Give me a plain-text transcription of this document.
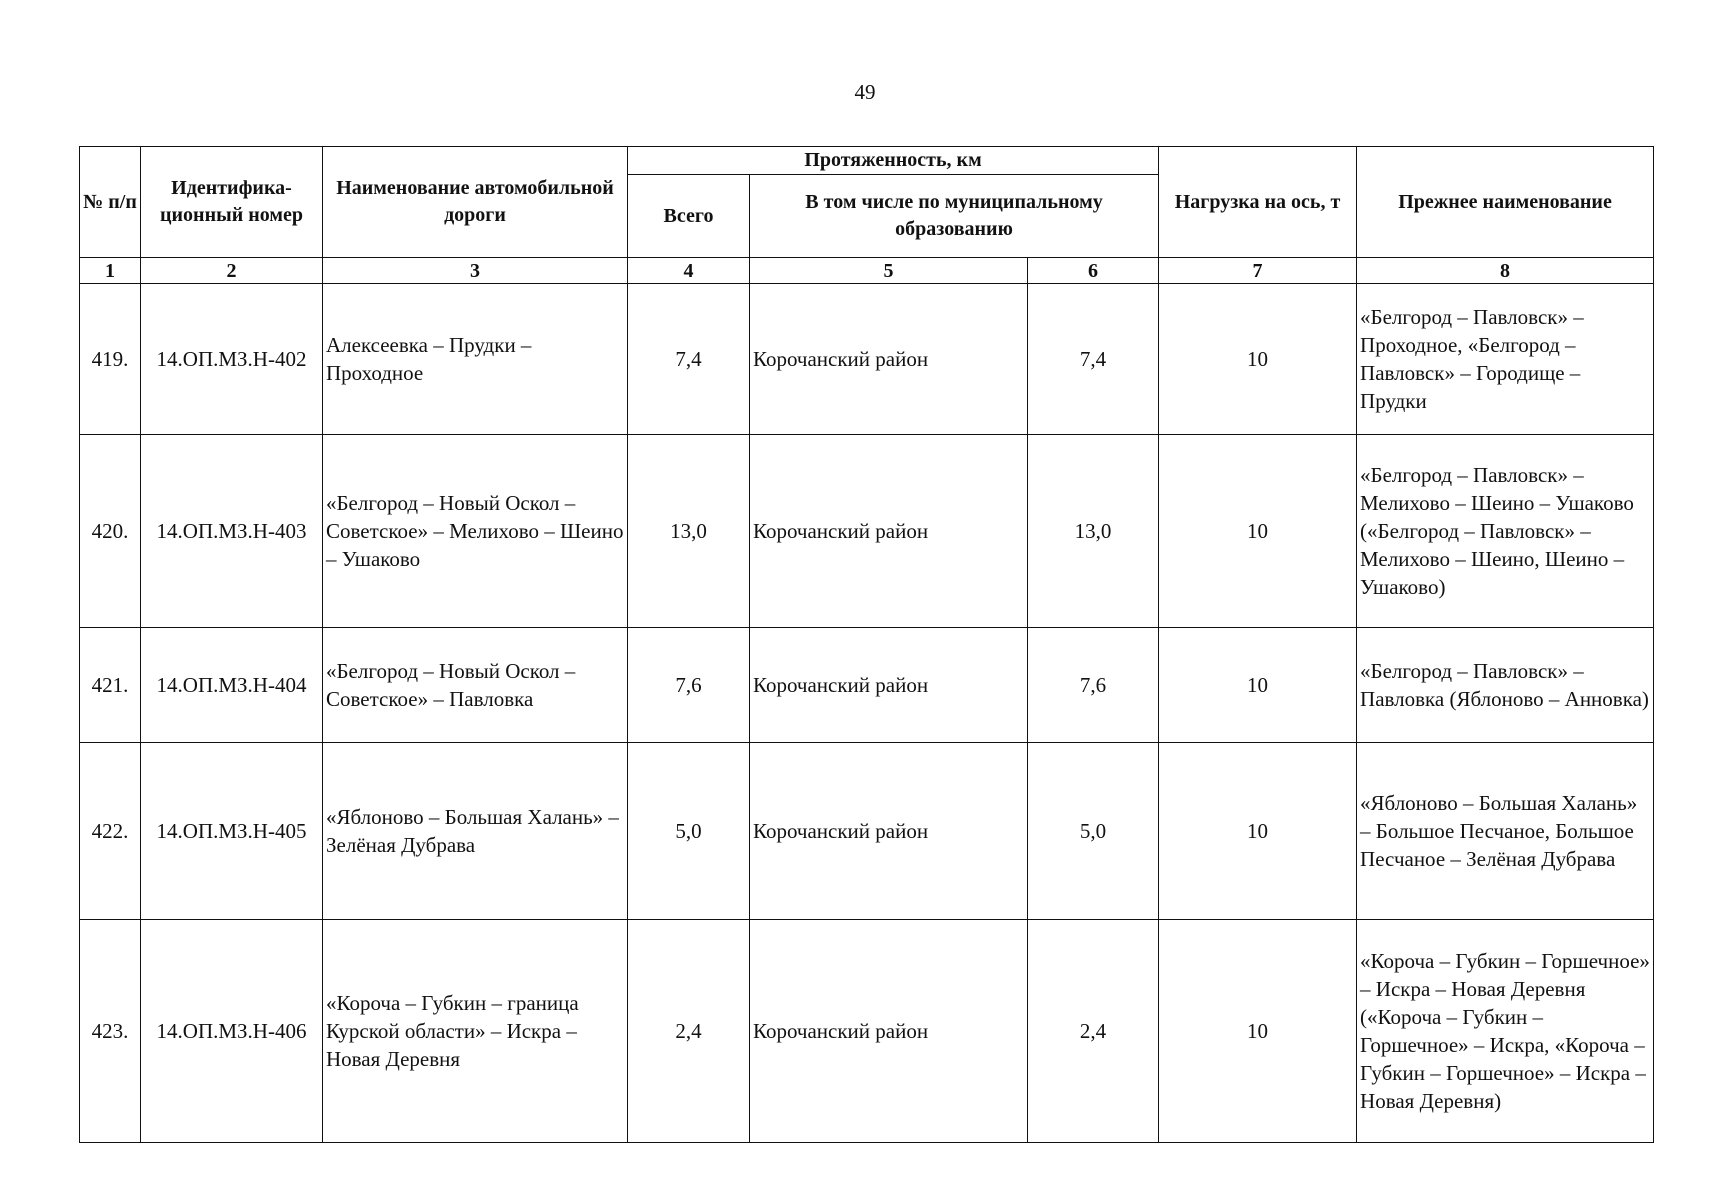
49
№ п/п	Идентифика-ционный номер	Наименование автомобильной дороги	Протяженность, км			Нагрузка на ось, т	Прежнее наименование
			Всего	В том числе по муниципальному образованию			
1	2	3	4	5	6	7	8
419.	14.ОП.МЗ.Н-402	Алексеевка – Прудки – Проходное	7,4	Корочанский район	7,4	10	«Белгород – Павловск» – Проходное, «Белгород – Павловск» – Городище – Прудки
420.	14.ОП.МЗ.Н-403	«Белгород – Новый Оскол – Советское» – Мелихово – Шеино – Ушаково	13,0	Корочанский район	13,0	10	«Белгород – Павловск» – Мелихово – Шеино – Ушаково («Белгород – Павловск» – Мелихово – Шеино, Шеино – Ушаково)
421.	14.ОП.МЗ.Н-404	«Белгород – Новый Оскол – Советское» – Павловка	7,6	Корочанский район	7,6	10	«Белгород – Павловск» – Павловка (Яблоново – Анновка)
422.	14.ОП.МЗ.Н-405	«Яблоново – Большая Халань» – Зелёная Дубрава	5,0	Корочанский район	5,0	10	«Яблоново – Большая Халань» – Большое Песчаное, Большое Песчаное – Зелёная Дубрава
423.	14.ОП.МЗ.Н-406	«Короча – Губкин – граница Курской области» – Искра – Новая Деревня	2,4	Корочанский район	2,4	10	«Короча – Губкин – Горшечное» – Искра – Новая Деревня («Короча – Губкин – Горшечное» – Искра, «Короча – Губкин – Горшечное» – Искра – Новая Деревня)
